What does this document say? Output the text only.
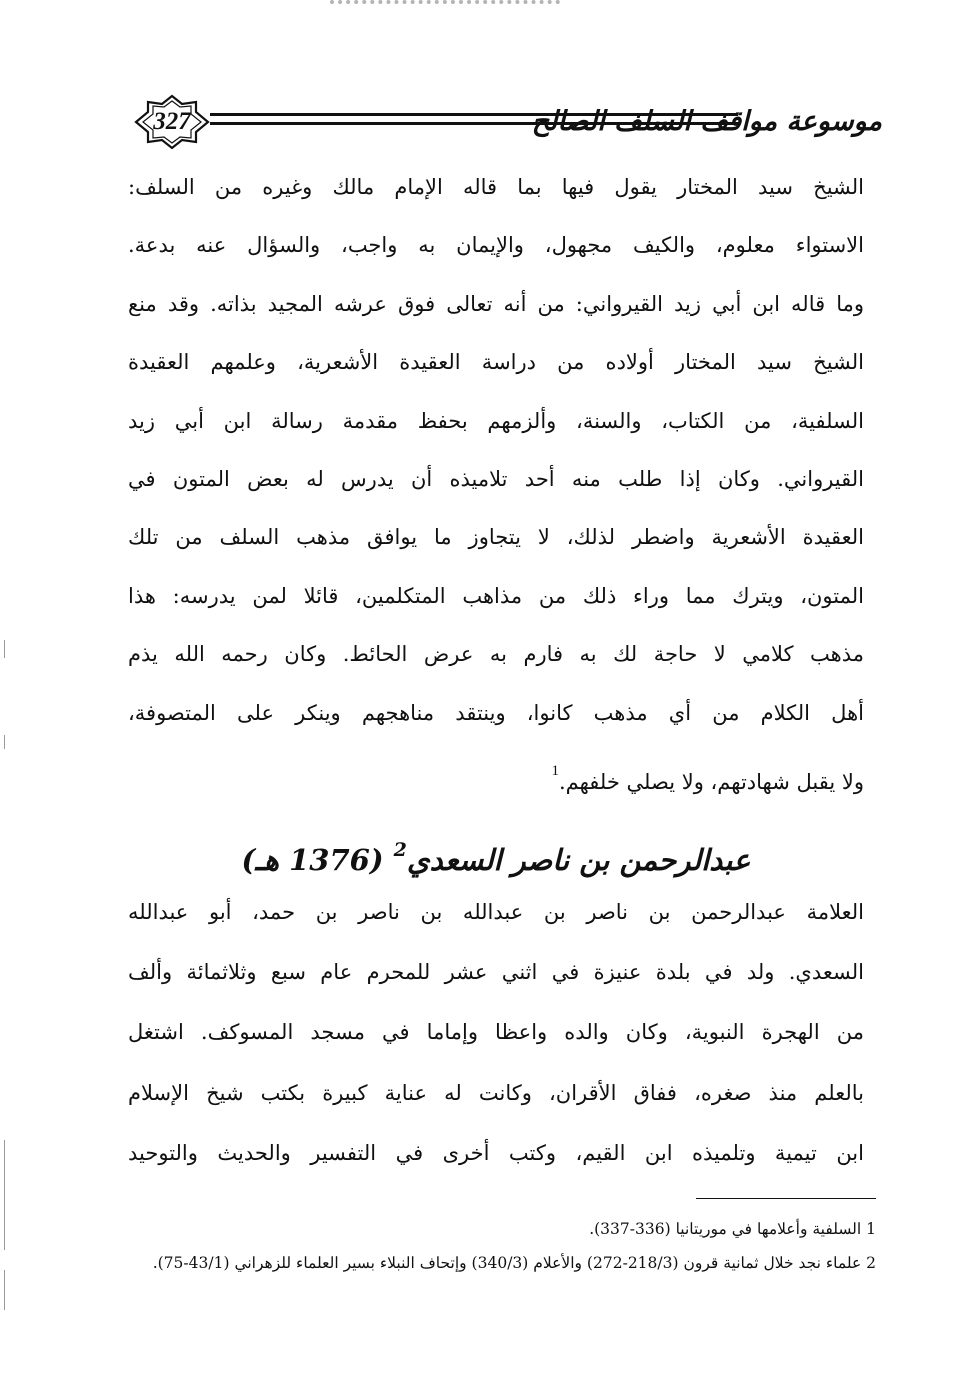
327	موسوعة مواقف السلف الصالح
الشيخ سيد المختار يقول فيها بما قاله الإمام مالك وغيره من السلف:
الاستواء معلوم، والكيف مجهول، والإيمان به واجب، والسؤال عنه بدعة.
وما قاله ابن أبي زيد القيرواني: من أنه تعالى فوق عرشه المجيد بذاته. وقد منع
الشيخ سيد المختار أولاده من دراسة العقيدة الأشعرية، وعلمهم العقيدة
السلفية، من الكتاب، والسنة، وألزمهم بحفظ مقدمة رسالة ابن أبي زيد
القيرواني. وكان إذا طلب منه أحد تلاميذه أن يدرس له بعض المتون في
العقيدة الأشعرية واضطر لذلك، لا يتجاوز ما يوافق مذهب السلف من تلك
المتون، ويترك مما وراء ذلك من مذاهب المتكلمين، قائلا لمن يدرسه: هذا
مذهب كلامي لا حاجة لك به فارم به عرض الحائط. وكان رحمه الله يذم
أهل الكلام من أي مذهب كانوا، وينتقد مناهجهم وينكر على المتصوفة،
ولا يقبل شهادتهم، ولا يصلي خلفهم.$^1$
عبدالرحمن بن ناصر السعدي$^2$ (1376 هـ)
العلامة عبدالرحمن بن ناصر بن عبدالله بن ناصر بن حمد، أبو عبدالله
السعدي. ولد في بلدة عنيزة في اثني عشر للمحرم عام سبع وثلاثمائة وألف
من الهجرة النبوية، وكان والده واعظا وإماما في مسجد المسوكف. اشتغل
بالعلم منذ صغره، ففاق الأقران، وكانت له عناية كبيرة بكتب شيخ الإسلام
ابن تيمية وتلميذه ابن القيم، وكتب أخرى في التفسير والحديث والتوحيد
1 السلفية وأعلامها في موريتانيا (336-337).
2 علماء نجد خلال ثمانية قرون (218/3-272) والأعلام (340/3) وإتحاف النبلاء بسير العلماء للزهراني (43/1-75).
